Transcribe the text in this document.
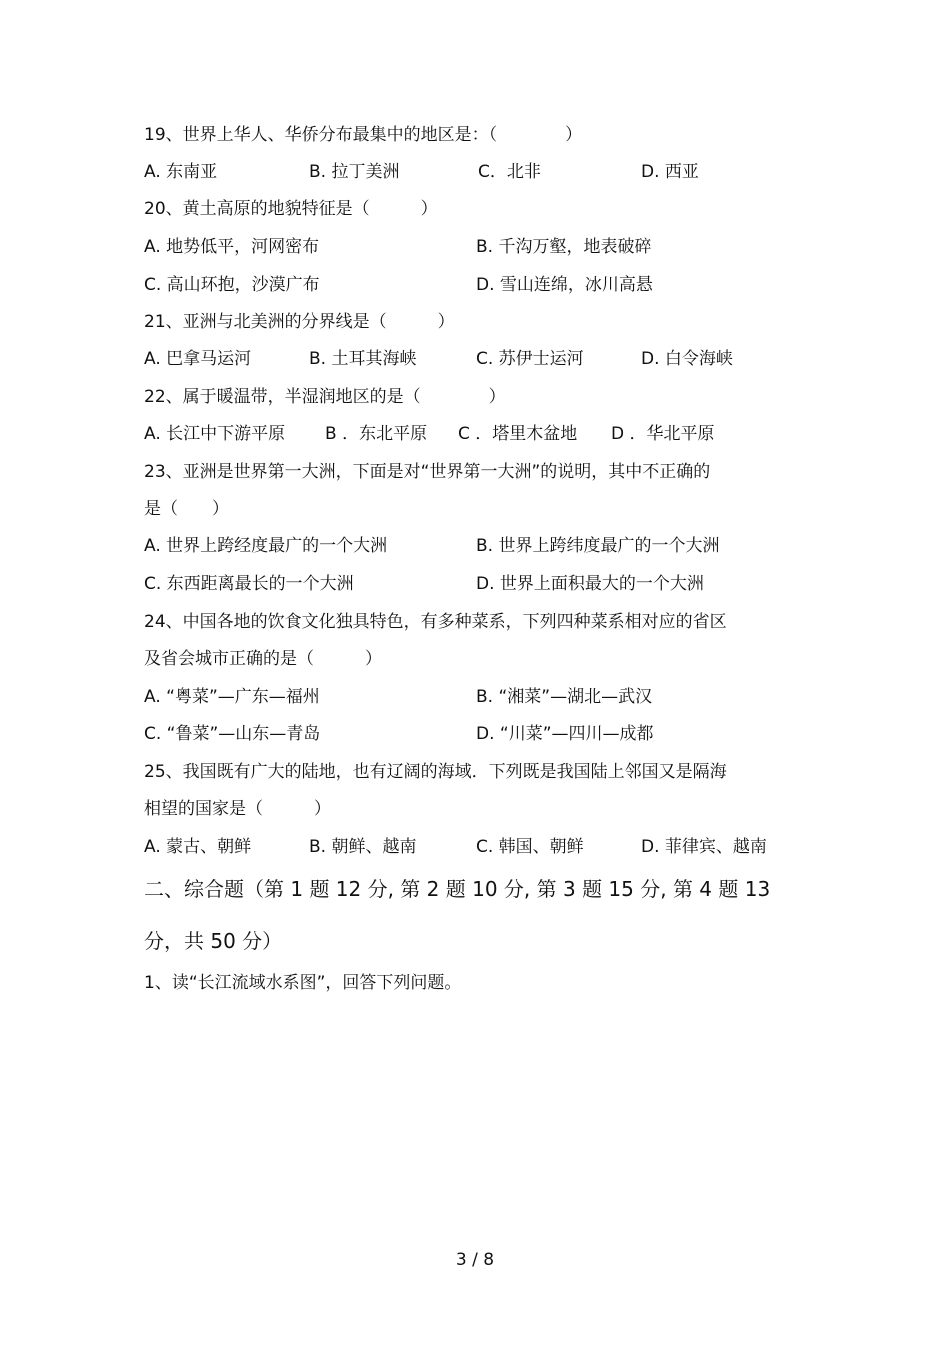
19、世界上华人、华侨分布最集中的地区是：（　　　　）
A. 东南亚	B. 拉丁美洲	C．北非	D. 西亚
20、黄土高原的地貌特征是（　　　）
A. 地势低平，河网密布	B. 千沟万壑，地表破碎
C. 高山环抱，沙漠广布	D. 雪山连绵，冰川高悬
21、亚洲与北美洲的分界线是（　　　）
A. 巴拿马运河	B. 土耳其海峡	C. 苏伊士运河	D. 白令海峡
22、属于暖温带，半湿润地区的是（　　　　）
A. 长江中下游平原 B ．东北平原 C ．塔里木盆地 D ．华北平原
23、亚洲是世界第一大洲，下面是对“世界第一大洲”的说明，其中不正确的
是（　　）
A. 世界上跨经度最广的一个大洲	B. 世界上跨纬度最广的一个大洲
C. 东西距离最长的一个大洲	D. 世界上面积最大的一个大洲
24、中国各地的饮食文化独具特色，有多种菜系，下列四种菜系相对应的省区
及省会城市正确的是（　　　）
A. “粤菜”—广东—福州	B. “湘菜”—湖北—武汉
C. “鲁菜”—山东—青岛	D. “川菜”—四川—成都
25、我国既有广大的陆地，也有辽阔的海域．下列既是我国陆上邻国又是隔海
相望的国家是（　　　）
A. 蒙古、朝鲜	B. 朝鲜、越南	C. 韩国、朝鲜	D. 菲律宾、越南
二、综合题（第 1 题 12 分, 第 2 题 10 分, 第 3 题 15 分, 第 4 题 13
分，共 50 分）
1、读“长江流域水系图”，回答下列问题。
3 / 8
